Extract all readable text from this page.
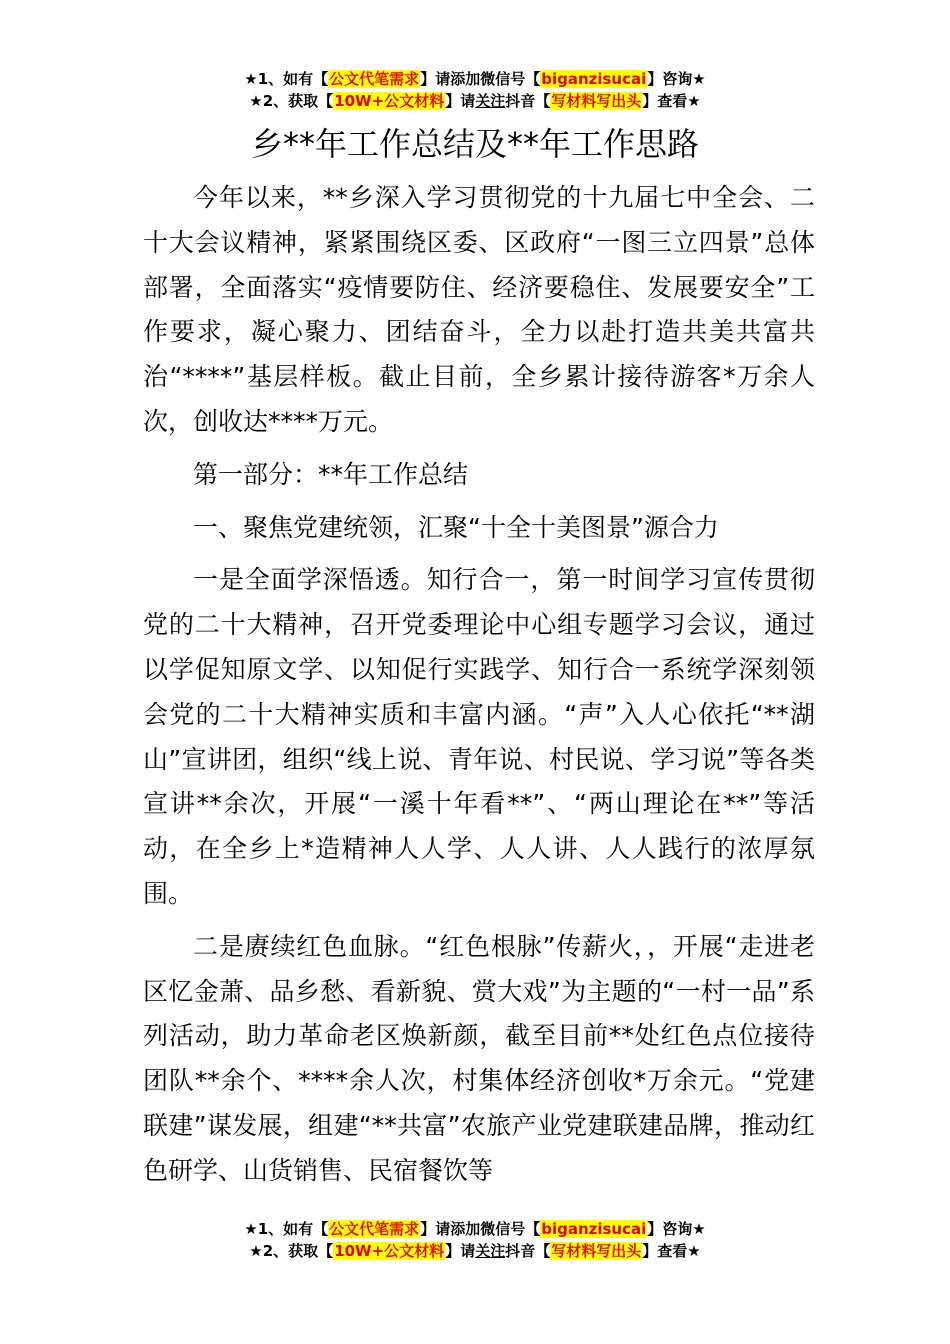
★1、如有【公文代笔需求】请添加微信号【biganzisucai】咨询★
★2、获取【10W+公文材料】请关注抖音【写材料写出头】查看★
乡**年工作总结及**年工作思路

今年以来，**乡深入学习贯彻党的十九届七中全会、二十大会议精神，紧紧围绕区委、区政府“一图三立四景”总体部署，全面落实“疫情要防住、经济要稳住、发展要安全”工作要求，凝心聚力、团结奋斗，全力以赴打造共美共富共治“****”基层样板。截止目前，全乡累计接待游客*万余人次，创收达****万元。

第一部分：**年工作总结

一、聚焦党建统领，汇聚“十全十美图景”源合力

一是全面学深悟透。知行合一，第一时间学习宣传贯彻党的二十大精神，召开党委理论中心组专题学习会议，通过以学促知原文学、以知促行实践学、知行合一系统学深刻领会党的二十大精神实质和丰富内涵。“声”入人心依托“**湖山”宣讲团，组织“线上说、青年说、村民说、学习说”等各类宣讲**余次，开展“一溪十年看**”、“两山理论在**”等活动，在全乡上*造精神人人学、人人讲、人人践行的浓厚氛围。

二是赓续红色血脉。“红色根脉”传薪火，，开展“走进老区忆金萧、品乡愁、看新貌、赏大戏”为主题的“一村一品”系列活动，助力革命老区焕新颜，截至目前**处红色点位接待团队**余个、****余人次，村集体经济创收*万余元。“党建联建”谋发展，组建“**共富”农旅产业党建联建品牌，推动红色研学、山货销售、民宿餐饮等

★1、如有【公文代笔需求】请添加微信号【biganzisucai】咨询★
★2、获取【10W+公文材料】请关注抖音【写材料写出头】查看★
